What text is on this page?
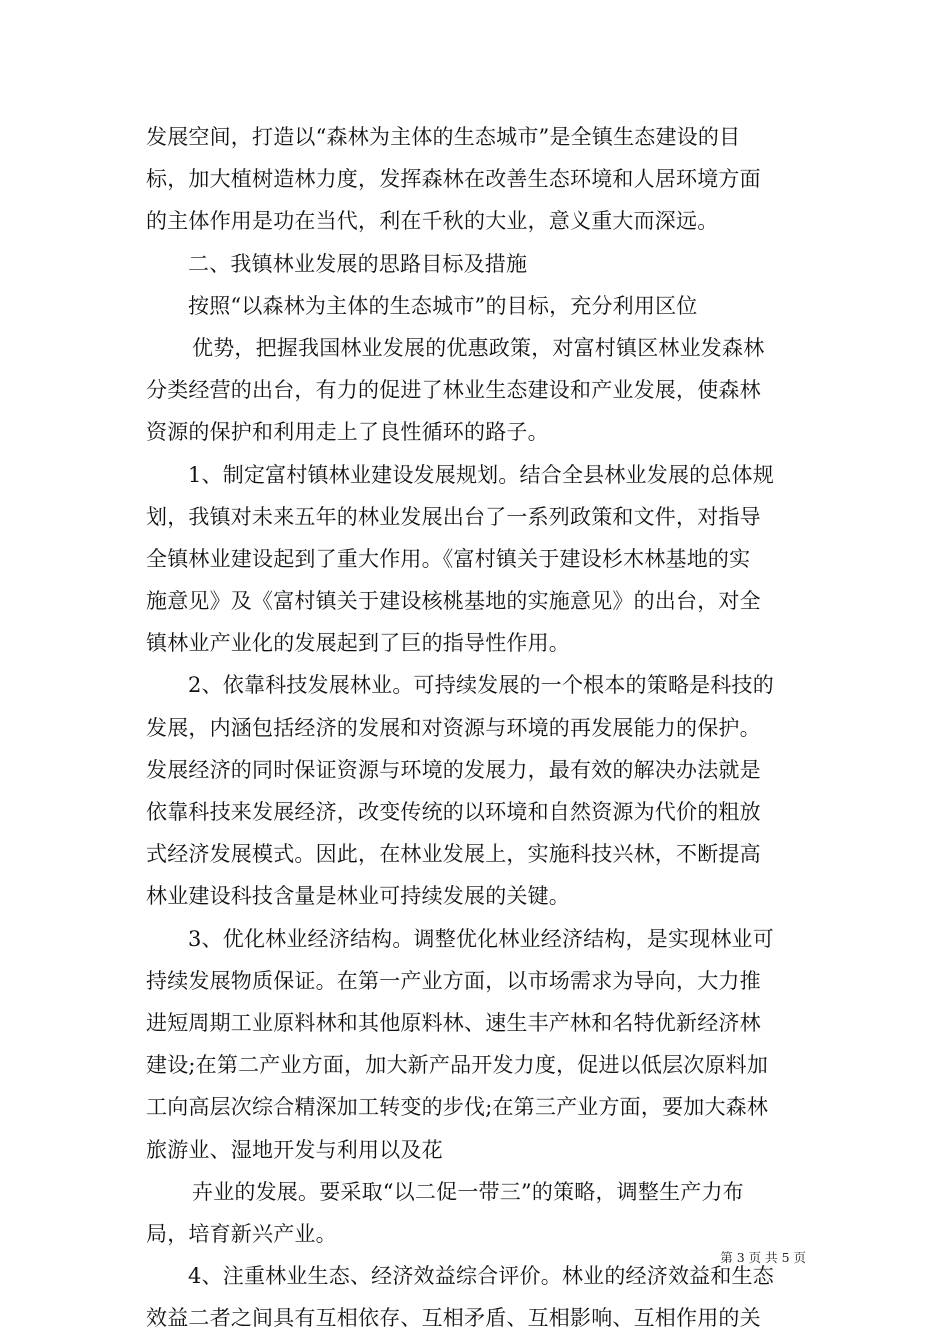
发展空间，打造以“森林为主体的生态城市”是全镇生态建设的目
标，加大植树造林力度，发挥森林在改善生态环境和人居环境方面
的主体作用是功在当代，利在千秋的大业，意义重大而深远。
二、我镇林业发展的思路目标及措施
按照“以森林为主体的生态城市”的目标，充分利用区位
优势，把握我国林业发展的优惠政策，对富村镇区林业发森林
分类经营的出台，有力的促进了林业生态建设和产业发展，使森林
资源的保护和利用走上了良性循环的路子。
1、制定富村镇林业建设发展规划。结合全县林业发展的总体规
划，我镇对未来五年的林业发展出台了一系列政策和文件，对指导
全镇林业建设起到了重大作用。《富村镇关于建设杉木林基地的实
施意见》及《富村镇关于建设核桃基地的实施意见》的出台，对全
镇林业产业化的发展起到了巨的指导性作用。
2、依靠科技发展林业。可持续发展的一个根本的策略是科技的
发展，内涵包括经济的发展和对资源与环境的再发展能力的保护。
发展经济的同时保证资源与环境的发展力，最有效的解决办法就是
依靠科技来发展经济，改变传统的以环境和自然资源为代价的粗放
式经济发展模式。因此，在林业发展上，实施科技兴林，不断提高
林业建设科技含量是林业可持续发展的关键。
3、优化林业经济结构。调整优化林业经济结构，是实现林业可
持续发展物质保证。在第一产业方面，以市场需求为导向，大力推
进短周期工业原料林和其他原料林、速生丰产林和名特优新经济林
建设;在第二产业方面，加大新产品开发力度，促进以低层次原料加
工向高层次综合精深加工转变的步伐;在第三产业方面，要加大森林
旅游业、湿地开发与利用以及花
卉业的发展。要采取“以二促一带三”的策略，调整生产力布
局，培育新兴产业。
4、注重林业生态、经济效益综合评价。林业的经济效益和生态
效益二者之间具有互相依存、互相矛盾、互相影响、互相作用的关
第 3 页 共 5 页
